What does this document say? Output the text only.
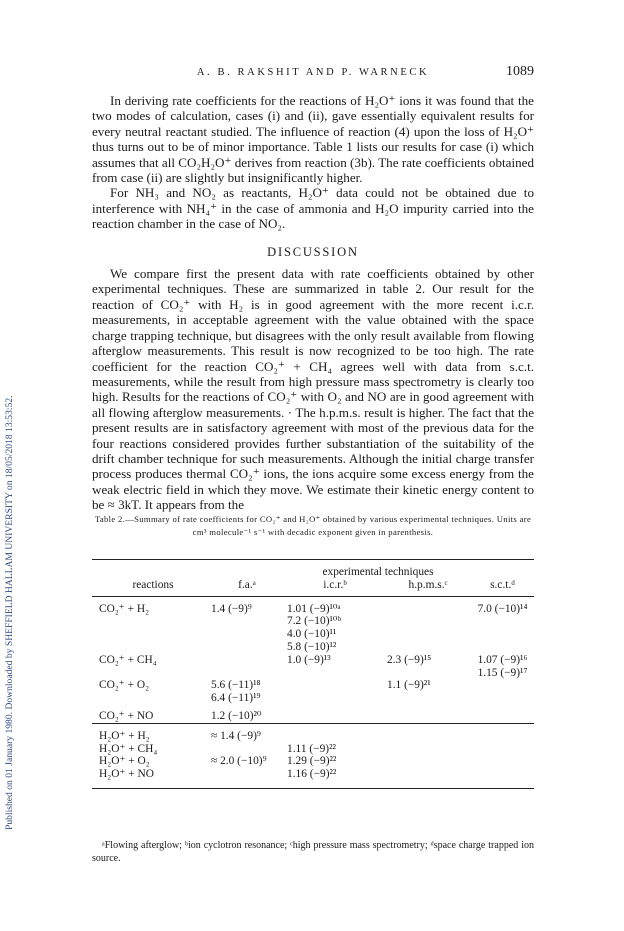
Published on 01 January 1980. Downloaded by SHEFFIELD HALLAM UNIVERSITY on 18/05/2018 13:53:52.
A. B. RAKSHIT AND P. WARNECK	1089

In deriving rate coefficients for the reactions of H₂O⁺ ions it was found that the two modes of calculation, cases (i) and (ii), gave essentially equivalent results for every neutral reactant studied. The influence of reaction (4) upon the loss of H₂O⁺ thus turns out to be of minor importance. Table 1 lists our results for case (i) which assumes that all CO₂H₂O⁺ derives from reaction (3b). The rate coefficients obtained from case (ii) are slightly but insignificantly higher.

For NH₃ and NO₂ as reactants, H₂O⁺ data could not be obtained due to interference with NH₄⁺ in the case of ammonia and H₂O impurity carried into the reaction chamber in the case of NO₂.

DISCUSSION

We compare first the present data with rate coefficients obtained by other experimental techniques. These are summarized in table 2. Our result for the reaction of CO₂⁺ with H₂ is in good agreement with the more recent i.c.r. measurements, in acceptable agreement with the value obtained with the space charge trapping technique, but disagrees with the only result available from flowing afterglow measurements. This result is now recognized to be too high. The rate coefficient for the reaction CO₂⁺ + CH₄ agrees well with data from s.c.t. measurements, while the result from high pressure mass spectrometry is clearly too high. Results for the reactions of CO₂⁺ with O₂ and NO are in good agreement with all flowing afterglow measurements. · The h.p.m.s. result is higher. The fact that the present results are in satisfactory agreement with most of the previous data for the four reactions considered provides further substantiation of the suitability of the drift chamber technique for such measurements. Although the initial charge transfer process produces thermal CO₂⁺ ions, the ions acquire some excess energy from the weak electric field in which they move. We estimate their kinetic energy content to be ≈ 3kT. It appears from the

Table 2.—Summary of rate coefficients for CO₂⁺ and H₂O⁺ obtained by various experimental techniques. Units are cm³ molecule⁻¹ s⁻¹ with decadic exponent given in parenthesis.
		experimental techniques		
reactions	f.a.ᵃ	i.c.r.ᵇ	h.p.m.s.ᶜ	s.c.t.ᵈ
CO₂⁺ + H₂	1.4 (−9)⁹	1.01 (−9)¹⁰ᵃ		7.0 (−10)¹⁴
		7.2 (−10)¹⁰ᵇ		
		4.0 (−10)¹¹		
		5.8 (−10)¹²		
CO₂⁺ + CH₄		1.0 (−9)¹³	2.3 (−9)¹⁵	1.07 (−9)¹⁶
				1.15 (−9)¹⁷
CO₂⁺ + O₂	5.6 (−11)¹⁸		1.1 (−9)²¹	
	6.4 (−11)¹⁹			
CO₂⁺ + NO	1.2 (−10)²⁰			
H₂O⁺ + H₂	≈ 1.4 (−9)⁹			
H₂O⁺ + CH₄		1.11 (−9)²²		
H₂O⁺ + O₂	≈ 2.0 (−10)⁹	1.29 (−9)²²		
H₂O⁺ + NO		1.16 (−9)²²		
ᵃFlowing afterglow; ᵇion cyclotron resonance; ᶜhigh pressure mass spectrometry; ᵈspace charge trapped ion source.
